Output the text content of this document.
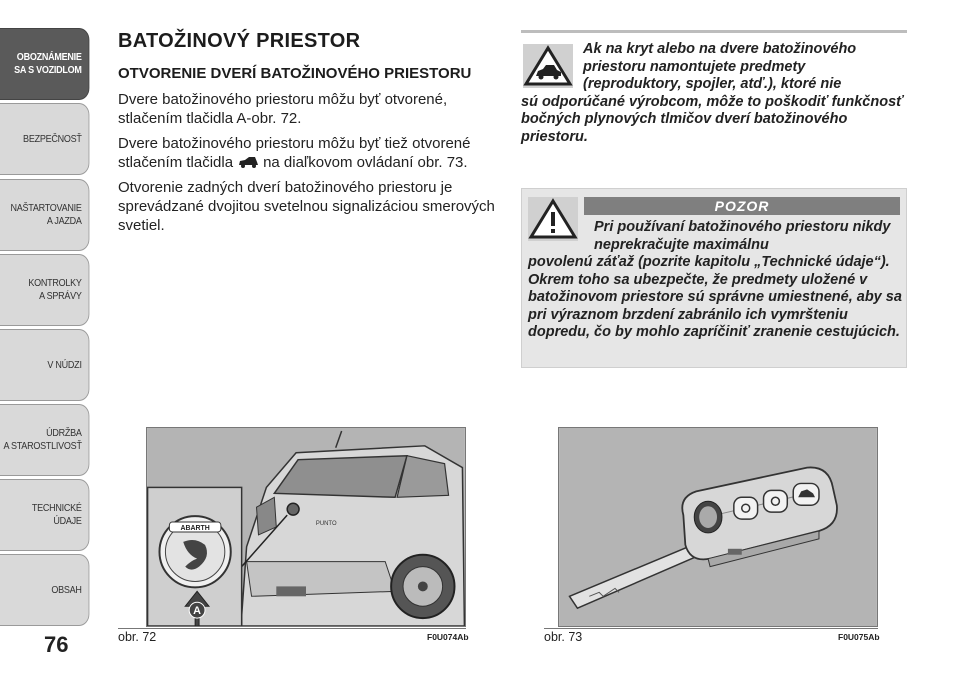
OBOZNÁMENIE
SA S VOZIDLOM
BEZPEČNOSŤ
NAŠTARTOVANIE
A JAZDA
KONTROLKY
A SPRÁVY
V NÚDZI
ÚDRŽBA
A STAROSTLIVOSŤ
TECHNICKÉ
ÚDAJE
OBSAH
76
BATOŽINOVÝ PRIESTOR
OTVORENIE DVERÍ BATOŽINOVÉHO PRIESTORU

Dvere batožinového priestoru môžu byť otvorené, stlačením tlačidla A-obr. 72.

Dvere batožinového priestoru môžu byť tiež otvorené stlačením tlačidla na diaľkovom ovládaní obr. 73.

Otvorenie zadných dverí batožinového priestoru je sprevádzané dvojitou svetelnou signalizáciou smerových svetiel.

Ak na kryt alebo na dvere batožinového priestoru namontujete predmety (reproduktory, spojler, atď.), ktoré nie
sú odporúčané výrobcom, môže to poškodiť funkčnosť bočných plynových tlmičov dverí batožinového priestoru.
POZOR
Pri používaní batožinového priestoru nikdy neprekračujte maximálnu
povolenú záťaž (pozrite kapitolu „Technické údaje“). Okrem toho sa ubezpečte, že predmety uložené v batožinovom priestore sú správne umiestnené, aby sa pri výraznom brzdení zabránilo ich vymršteniu dopredu, čo by mohlo zapríčiniť zranenie cestujúcich.
PUNTO
ABARTH
A
obr. 72	F0U074Ab	obr. 73	F0U075Ab
